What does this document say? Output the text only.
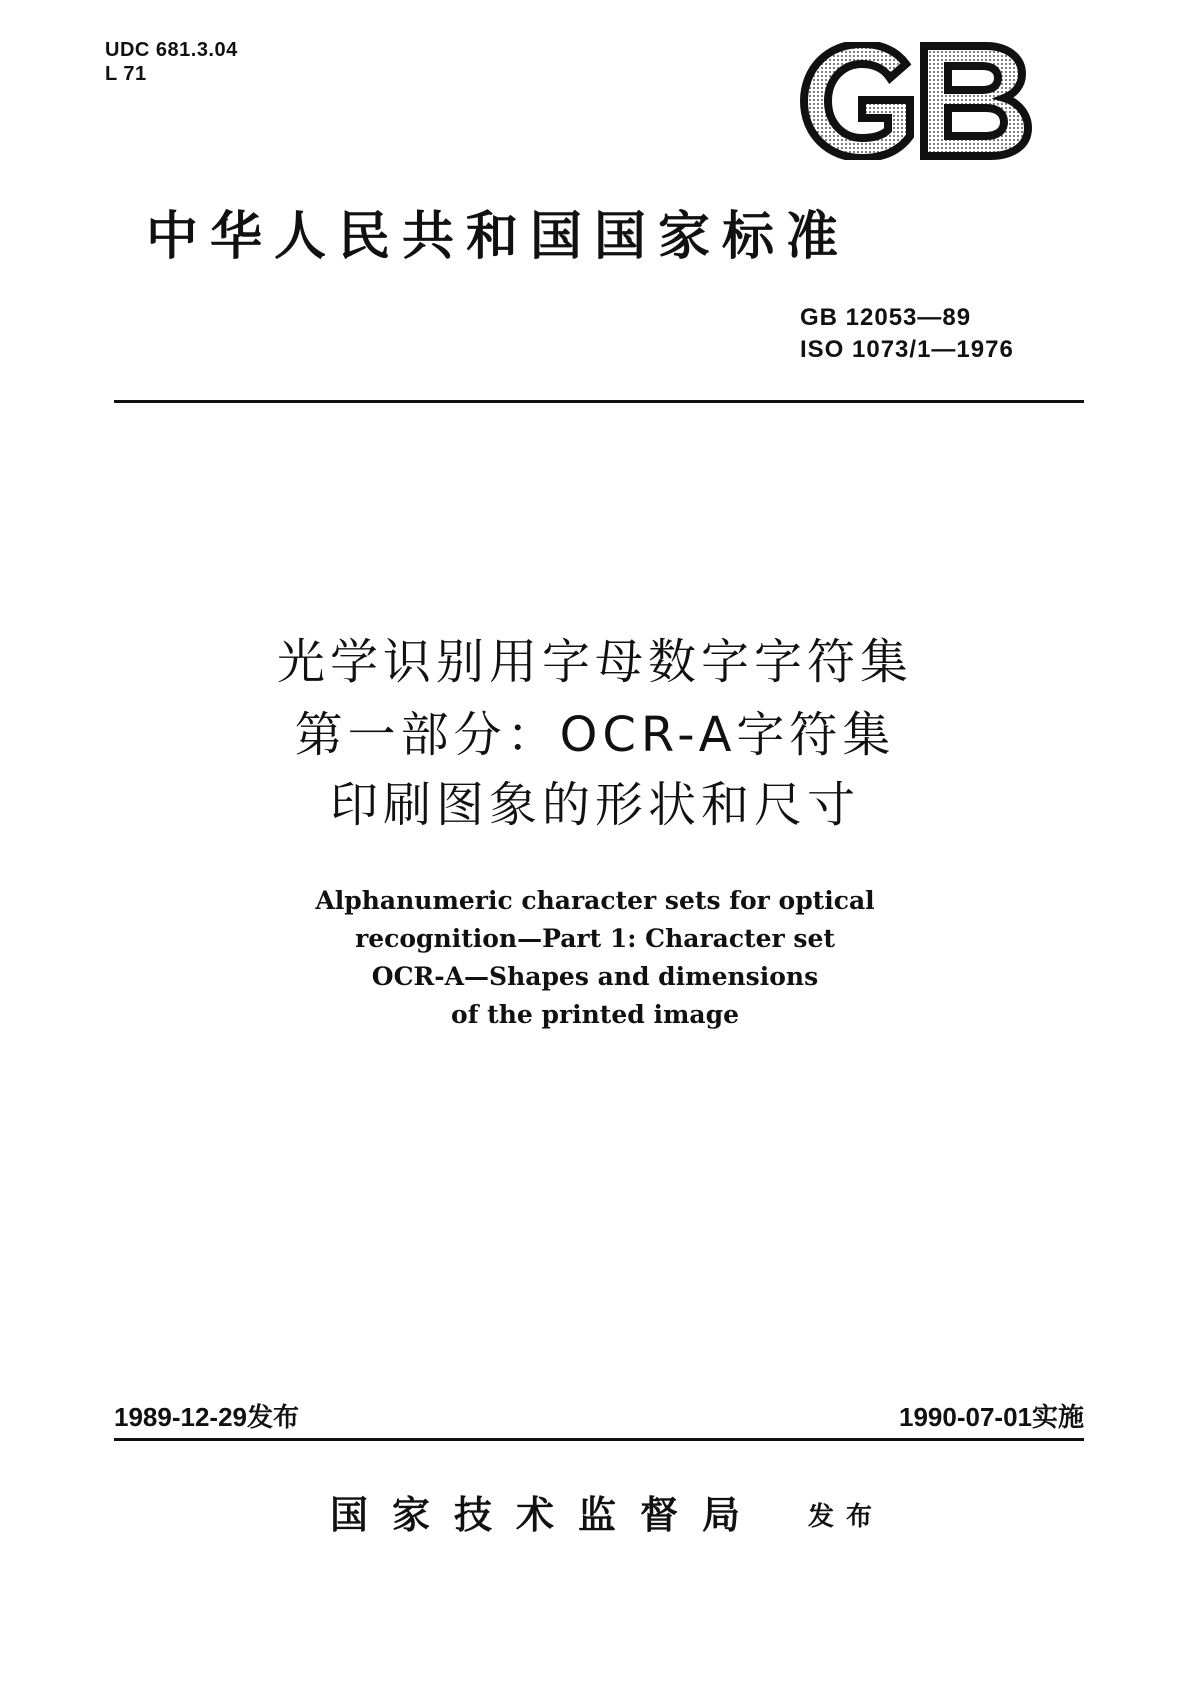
UDC 681.3.04
L 71
中华人民共和国国家标准
GB 12053—89
ISO 1073/1—1976
光学识别用字母数字字符集
第一部分：OCR-A字符集
印刷图象的形状和尺寸
Alphanumeric character sets for optical
recognition—Part 1: Character set
OCR-A—Shapes and dimensions
of the printed image
1989-12-29发布	1990-07-01实施
国家技术监督局 发布
